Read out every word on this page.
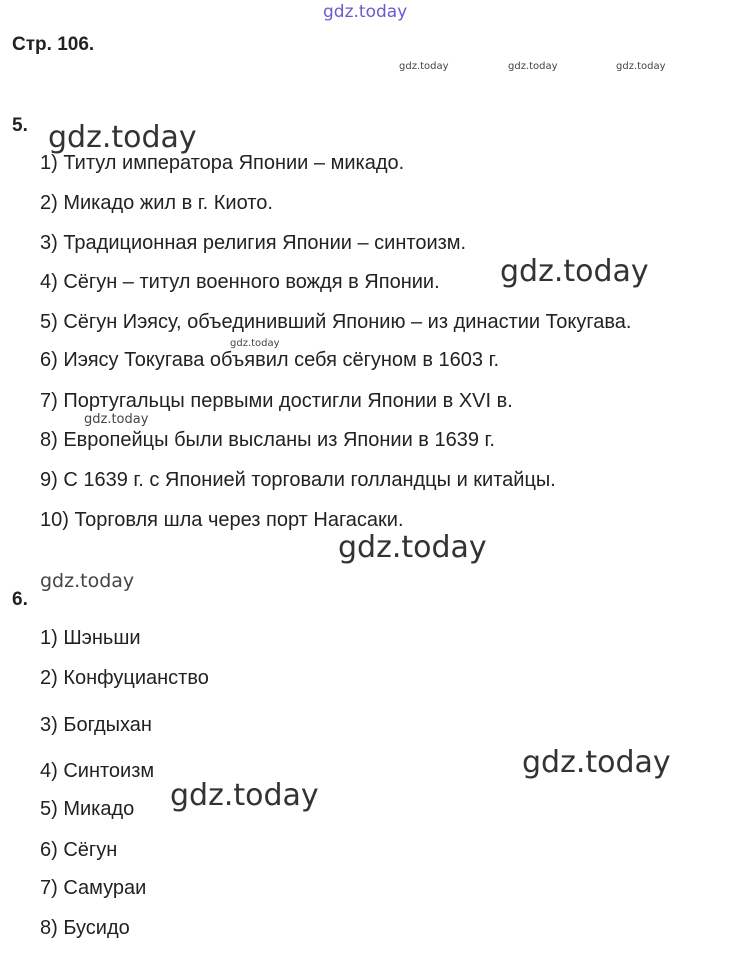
gdz.today
Стр. 106.
gdz.today	gdz.today	gdz.today
5. gdz.today
1) Титул императора Японии – микадо.
2) Микадо жил в г. Киото.
3) Традиционная религия Японии – синтоизм.
4) Сёгун – титул военного вождя в Японии. gdz.today
5) Сёгун Иэясу, объединивший Японию – из династии Токугава.
gdz.today
6) Иэясу Токугава объявил себя сёгуном в 1603 г.
7) Португальцы первыми достигли Японии в XVI в.
gdz.today
8) Европейцы были высланы из Японии в 1639 г.
9) С 1639 г. с Японией торговали голландцы и китайцы.
10) Торговля шла через порт Нагасаки.
gdz.today
gdz.today
6.
1) Шэньши
2) Конфуцианство
3) Богдыхан
gdz.today
4) Синтоизм
gdz.today
5) Микадо
6) Сёгун
7) Самураи
8) Бусидо
